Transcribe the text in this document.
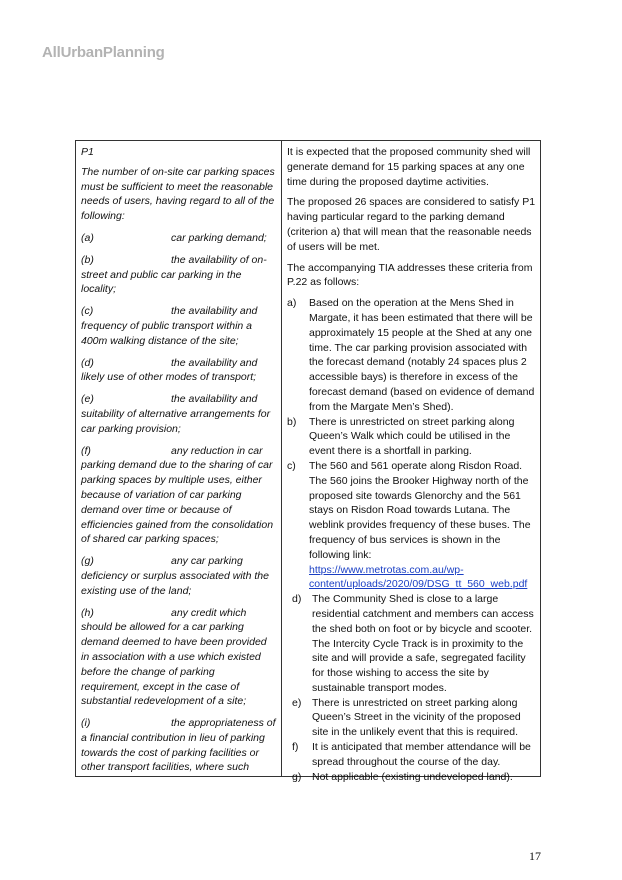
AllUrbanPlanning

P1

The number of on-site car parking spaces must be sufficient to meet the reasonable needs of users, having regard to all of the following:

(a)	car parking demand;

(b)	the availability of on-street and public car parking in the locality;

(c)	the availability and frequency of public transport within a 400m walking distance of the site;

(d)	the availability and likely use of other modes of transport;

(e)	the availability and suitability of alternative arrangements for car parking provision;

(f)	any reduction in car parking demand due to the sharing of car parking spaces by multiple uses, either because of variation of car parking demand over time or because of efficiencies gained from the consolidation of shared car parking spaces;

(g)	any car parking deficiency or surplus associated with the existing use of the land;

(h)	any credit which should be allowed for a car parking demand deemed to have been provided in association with a use which existed before the change of parking requirement, except in the case of substantial redevelopment of a site;

(i)	the appropriateness of a financial contribution in lieu of parking towards the cost of parking facilities or other transport facilities, where such

It is expected that the proposed community shed will generate demand for 15 parking spaces at any one time during the proposed daytime activities.

The proposed 26 spaces are considered to satisfy P1 having particular regard to the parking demand (criterion a) that will mean that the reasonable needs of users will be met.

The accompanying TIA addresses these criteria from P.22 as follows:

a) Based on the operation at the Mens Shed in Margate, it has been estimated that there will be approximately 15 people at the Shed at any one time. The car parking provision associated with the forecast demand (notably 24 spaces plus 2 accessible bays) is therefore in excess of the forecast demand (based on evidence of demand from the Margate Men’s Shed).
b) There is unrestricted on street parking along Queen’s Walk which could be utilised in the event there is a shortfall in parking.
c) The 560 and 561 operate along Risdon Road. The 560 joins the Brooker Highway north of the proposed site towards Glenorchy and the 561 stays on Risdon Road towards Lutana. The weblink provides frequency of these buses. The frequency of bus services is shown in the following link:
https://www.metrotas.com.au/wp-content/uploads/2020/09/DSG_tt_560_web.pdf
d) The Community Shed is close to a large residential catchment and members can access the shed both on foot or by bicycle and scooter. The Intercity Cycle Track is in proximity to the site and will provide a safe, segregated facility for those wishing to access the site by sustainable transport modes.
e) There is unrestricted on street parking along Queen’s Street in the vicinity of the proposed site in the unlikely event that this is required.
f) It is anticipated that member attendance will be spread throughout the course of the day.
g) Not applicable (existing undeveloped land).
17
